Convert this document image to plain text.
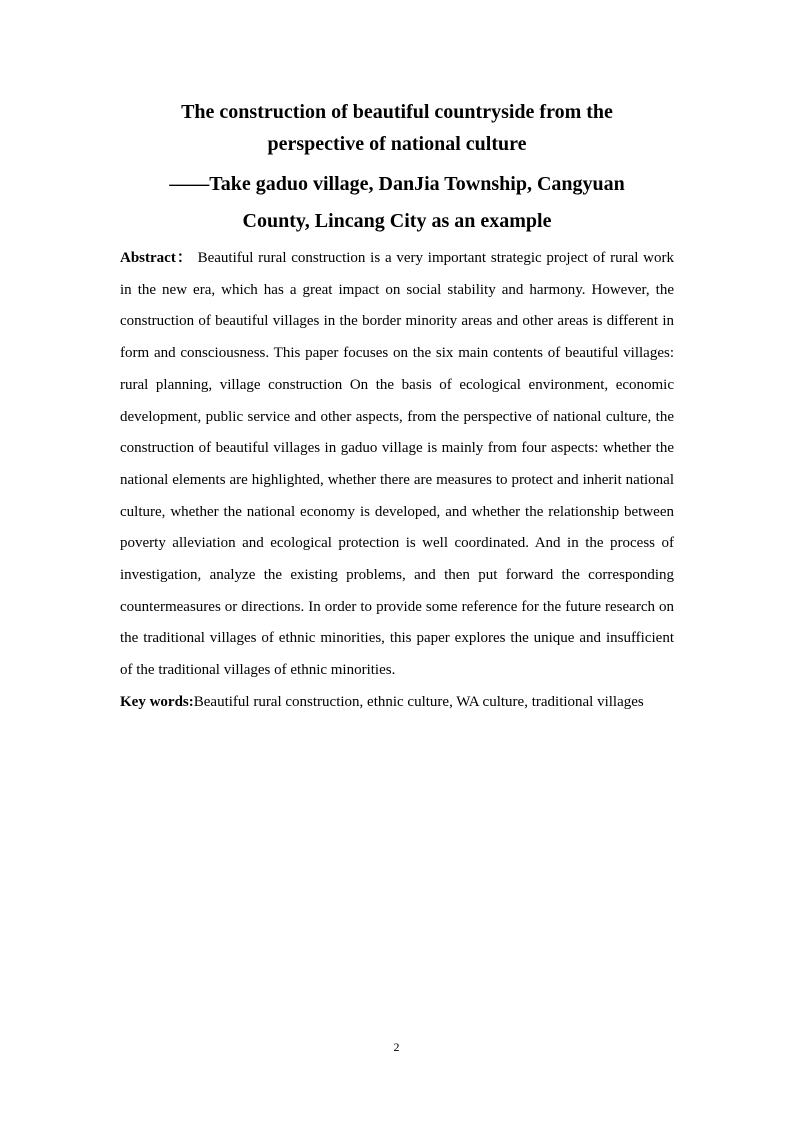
The construction of beautiful countryside from the
perspective of national culture
——Take gaduo village, DanJia Township, Cangyuan
County, Lincang City as an example

Abstract： Beautiful rural construction is a very important strategic project of rural work in the new era, which has a great impact on social stability and harmony. However, the construction of beautiful villages in the border minority areas and other areas is different in form and consciousness. This paper focuses on the six main contents of beautiful villages: rural planning, village construction On the basis of ecological environment, economic development, public service and other aspects, from the perspective of national culture, the construction of beautiful villages in gaduo village is mainly from four aspects: whether the national elements are highlighted, whether there are measures to protect and inherit national culture, whether the national economy is developed, and whether the relationship between poverty alleviation and ecological protection is well coordinated. And in the process of investigation, analyze the existing problems, and then put forward the corresponding countermeasures or directions. In order to provide some reference for the future research on the traditional villages of ethnic minorities, this paper explores the unique and insufficient of the traditional villages of ethnic minorities.

Key words:Beautiful rural construction, ethnic culture, WA culture, traditional villages

2
